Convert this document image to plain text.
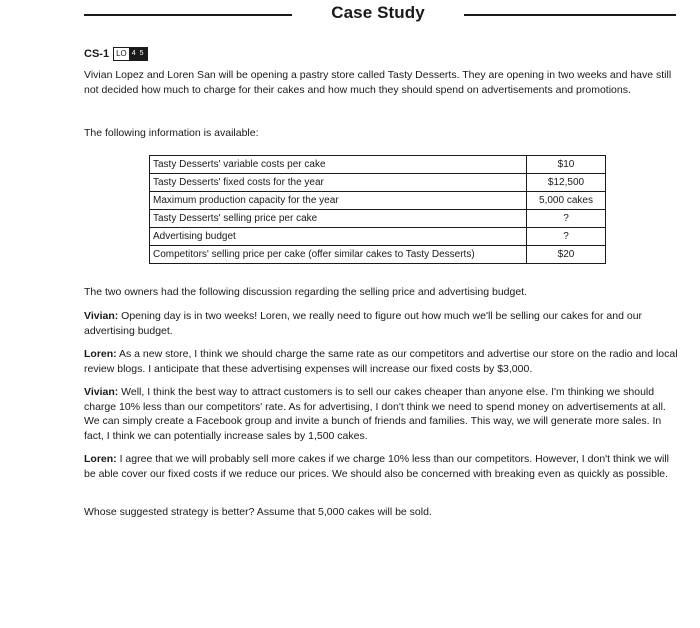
Case Study
CS-1 LO 4 5

Vivian Lopez and Loren San will be opening a pastry store called Tasty Desserts. They are opening in two weeks and have still not decided how much to charge for their cakes and how much they should spend on advertisements and promotions.

The following information is available:

Tasty Desserts' variable costs per cake	$10
Tasty Desserts' fixed costs for the year	$12,500
Maximum production capacity for the year	5,000 cakes
Tasty Desserts' selling price per cake	?
Advertising budget	?
Competitors' selling price per cake (offer similar cakes to Tasty Desserts)	$20

The two owners had the following discussion regarding the selling price and advertising budget.

Vivian: Opening day is in two weeks! Loren, we really need to figure out how much we'll be selling our cakes for and our advertising budget.

Loren: As a new store, I think we should charge the same rate as our competitors and advertise our store on the radio and local review blogs. I anticipate that these advertising expenses will increase our fixed costs by $3,000.

Vivian: Well, I think the best way to attract customers is to sell our cakes cheaper than anyone else. I'm thinking we should charge 10% less than our competitors' rate. As for advertising, I don't think we need to spend money on advertisements at all. We can simply create a Facebook group and invite a bunch of friends and families. This way, we will generate more sales. In fact, I think we can potentially increase sales by 1,500 cakes.

Loren: I agree that we will probably sell more cakes if we charge 10% less than our competitors. However, I don't think we will be able cover our fixed costs if we reduce our prices. We should also be concerned with breaking even as quickly as possible.

Whose suggested strategy is better? Assume that 5,000 cakes will be sold.
